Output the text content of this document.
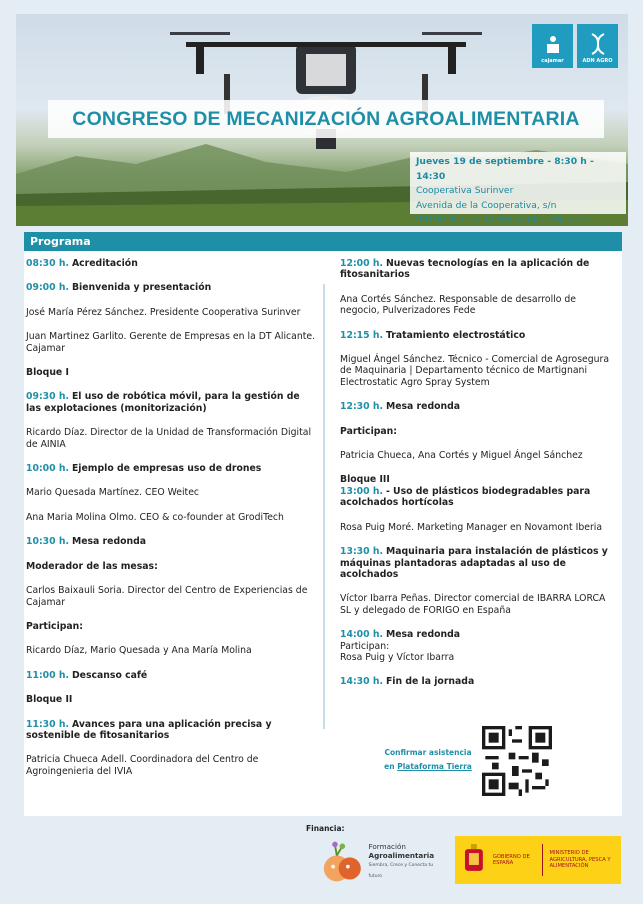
cajamar	ADN AGRO
CONGRESO DE MECANIZACIÓN AGROALIMENTARIA
Jueves 19 de septiembre - 8:30 h - 14:30
Cooperativa Surinver
Avenida de la Cooperativa, s/n
03190 Pilar de la Horadada - Alicante
Programa
08:30 h. Acreditación
09:00 h. Bienvenida y presentación
José María Pérez Sánchez. Presidente Cooperativa Surinver
Juan Martinez Garlito. Gerente de Empresas en la DT Alicante. Cajamar
Bloque I
09:30 h. El uso de robótica móvil, para la gestión de las explotaciones (monitorización)
Ricardo Díaz. Director de la Unidad de Transformación Digital de AINIA
10:00 h. Ejemplo de empresas uso de drones
Mario Quesada Martínez. CEO Weitec
Ana Maria Molina Olmo. CEO & co-founder at GrodiTech
10:30 h. Mesa redonda
Moderador de las mesas:
Carlos Baixauli Soria. Director del Centro de Experiencias de Cajamar
Participan:
Ricardo Díaz, Mario Quesada y Ana María Molina
11:00 h. Descanso café
Bloque II
11:30 h. Avances para una aplicación precisa y sostenible de fitosanitarios
Patricia Chueca Adell. Coordinadora del Centro de Agroingenieria del IVIA
12:00 h. Nuevas tecnologías en la aplicación de fitosanitarios
Ana Cortés Sánchez. Responsable de desarrollo de negocio, Pulverizadores Fede
12:15 h. Tratamiento electrostático
Miguel Ángel Sánchez. Técnico - Comercial de Agrosegura de Maquinaria | Departamento técnico de Martignani Electrostatic Agro Spray System
12:30 h. Mesa redonda
Participan:
Patricia Chueca, Ana Cortés y Miguel Ángel Sánchez
Bloque III
13:00 h. - Uso de plásticos biodegradables para acolchados hortícolas
Rosa Puig Moré. Marketing Manager en Novamont Iberia
13:30 h. Maquinaria para instalación de plásticos y máquinas plantadoras adaptadas al uso de acolchados
Víctor Ibarra Peñas. Director comercial de IBARRA LORCA SL y delegado de FORIGO en España
14:00 h. Mesa redonda
Participan:
Rosa Puig y Víctor Ibarra
14:30 h. Fin de la jornada
Confirmar asistencia
en Plataforma Tierra
Financia:
Formación
Agroalimentaria
Siembra, Crece y Conecta tu futuro
GOBIERNO DE ESPAÑA
MINISTERIO DE AGRICULTURA, PESCA Y ALIMENTACIÓN
